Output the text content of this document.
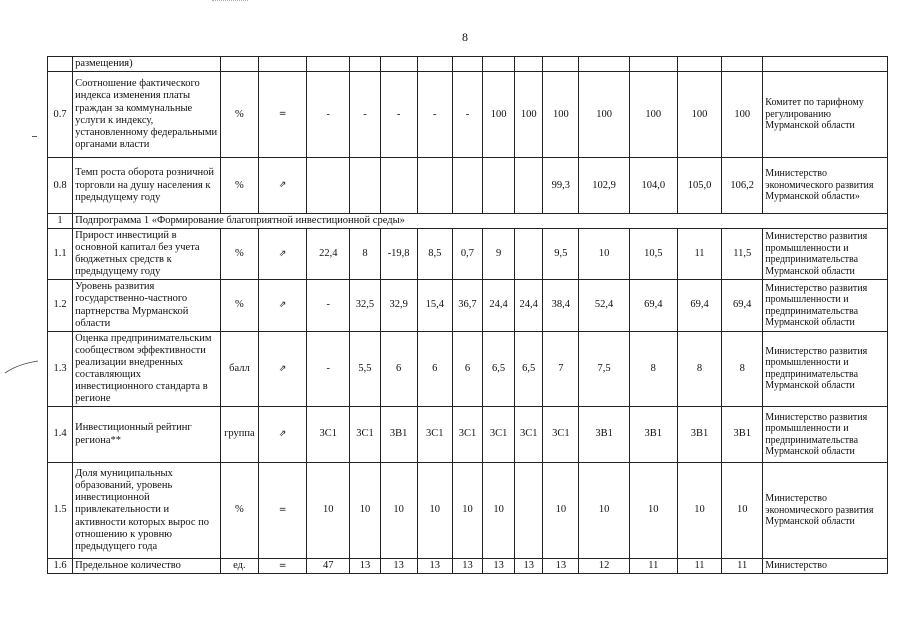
8
	размещения)															
0.7	Соотношение фактического индекса изменения платы граждан за коммунальные услуги к индексу, установленному федеральными органами власти	%	=	-	-	-	-	-	100	100	100	100	100	100	100	Комитет по тарифному регулированию Мурманской области
0.8	Темп роста оборота розничной торговли на душу населения к предыдущему году	%	⇗								99,3	102,9	104,0	105,0	106,2	Министерство экономического развития Мурманской области»
1	Подпрограмма 1 «Формирование благоприятной инвестиционной среды»															
1.1	Прирост инвестиций в основной капитал без учета бюджетных средств к предыдущему году	%	⇗	22,4	8	-19,8	8,5	0,7	9		9,5	10	10,5	11	11,5	Министерство развития промышленности и предпринимательства Мурманской области
1.2	Уровень развития государственно-частного партнерства Мурманской области	%	⇗	-	32,5	32,9	15,4	36,7	24,4	24,4	38,4	52,4	69,4	69,4	69,4	Министерство развития промышленности и предпринимательства Мурманской области
1.3	Оценка предпринимательским сообществом эффективности реализации внедренных составляющих инвестиционного стандарта в регионе	балл	⇗	-	5,5	6	6	6	6,5	6,5	7	7,5	8	8	8	Министерство развития промышленности и предпринимательства Мурманской области
1.4	Инвестиционный рейтинг региона**	группа	⇗	3С1	3С1	3В1	3С1	3С1	3С1	3С1	3С1	3В1	3В1	3В1	3В1	Министерство развития промышленности и предпринимательства Мурманской области
1.5	Доля муниципальных образований, уровень инвестиционной привлекательности и активности которых вырос по отношению к уровню предыдущего года	%	=	10	10	10	10	10	10		10	10	10	10	10	Министерство экономического развития Мурманской области
1.6	Предельное количество	ед.	=	47	13	13	13	13	13	13	13	12	11	11	11	Министерство
